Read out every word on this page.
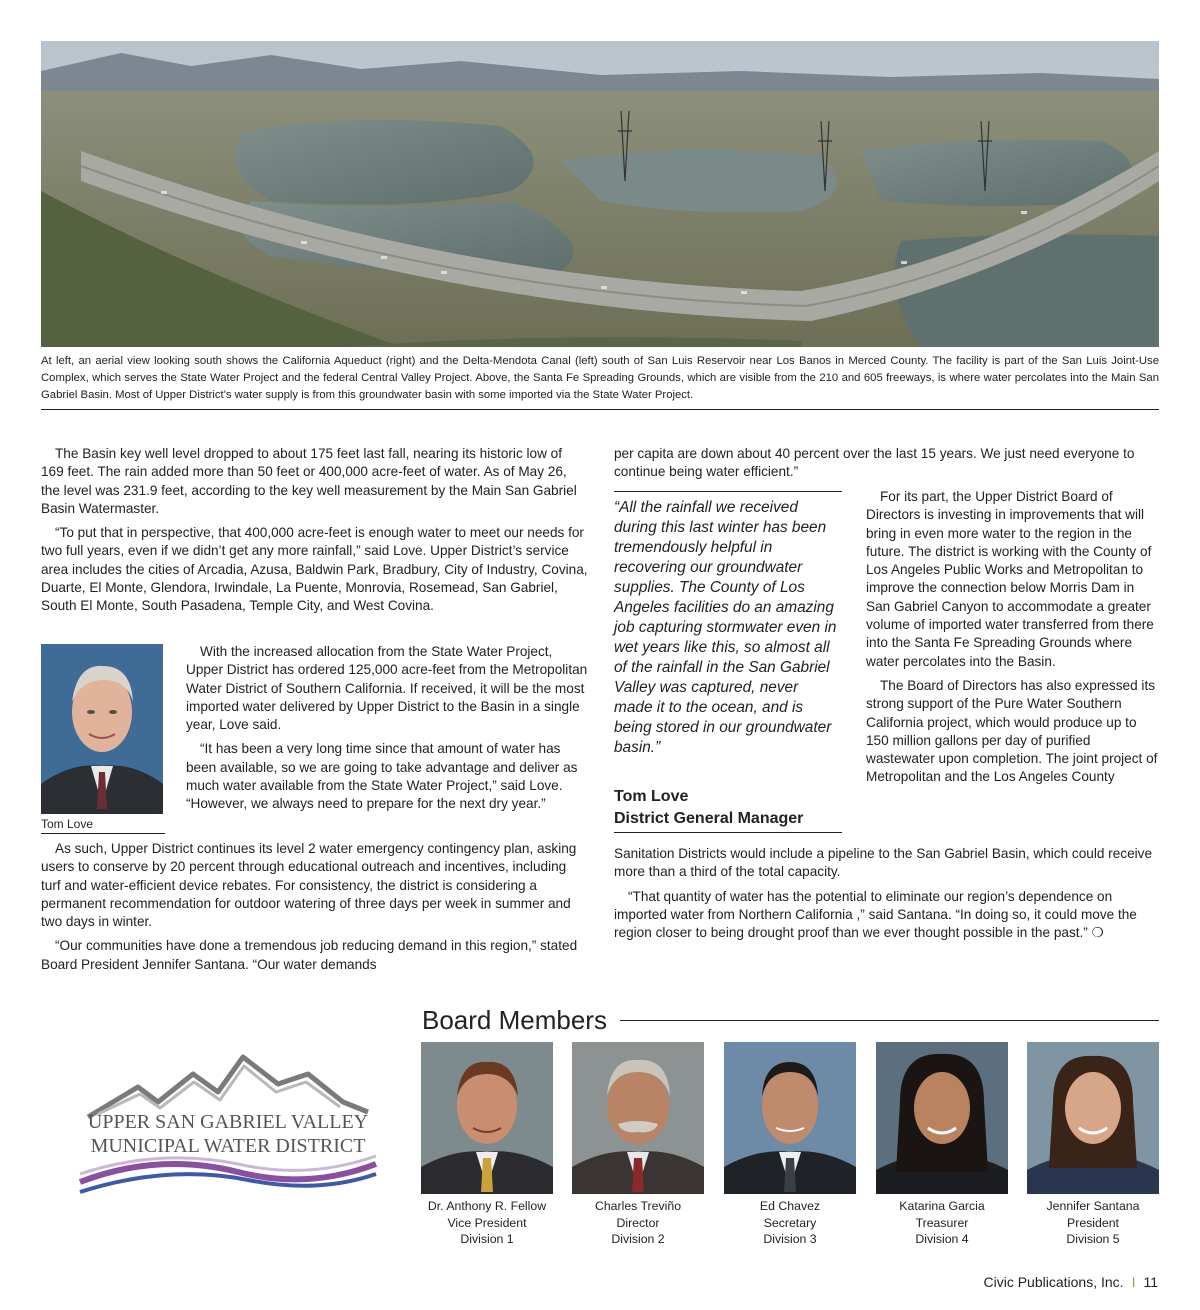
At left, an aerial view looking south shows the California Aqueduct (right) and the Delta-Mendota Canal (left) south of San Luis Reservoir near Los Banos in Merced County. The facility is part of the San Luis Joint-Use Complex, which serves the State Water Project and the federal Central Valley Project. Above, the Santa Fe Spreading Grounds, which are visible from the 210 and 605 freeways, is where water percolates into the Main San Gabriel Basin. Most of Upper District's water supply is from this groundwater basin with some imported via the State Water Project.

The Basin key well level dropped to about 175 feet last fall, nearing its historic low of 169 feet. The rain added more than 50 feet or 400,000 acre-feet of water. As of May 26, the level was 231.9 feet, according to the key well measurement by the Main San Gabriel Basin Watermaster.

“To put that in perspective, that 400,000 acre-feet is enough water to meet our needs for two full years, even if we didn’t get any more rainfall,” said Love. Upper District’s service area includes the cities of Arcadia, Azusa, Baldwin Park, Bradbury, City of Industry, Covina, Duarte, El Monte, Glendora, Irwindale, La Puente, Monrovia, Rosemead, San Gabriel, South El Monte, South Pasadena, Temple City, and West Covina.

Tom Love

With the increased allocation from the State Water Project, Upper District has ordered 125,000 acre-feet from the Metropolitan Water District of Southern California. If received, it will be the most imported water delivered by Upper District to the Basin in a single year, Love said.

“It has been a very long time since that amount of water has been available, so we are going to take advantage and deliver as much water available from the State Water Project,” said Love. “However, we always need to prepare for the next dry year.”

As such, Upper District continues its level 2 water emergency contingency plan, asking users to conserve by 20 percent through educational outreach and incentives, including turf and water-efficient device rebates. For consistency, the district is considering a permanent recommendation for outdoor watering of three days per week in summer and two days in winter.

“Our communities have done a tremendous job reducing demand in this region,” stated Board President Jennifer Santana. “Our water demands

per capita are down about 40 percent over the last 15 years. We just need everyone to continue being water efficient.”

“All the rainfall we received during this last winter has been tremendously helpful in recovering our groundwater supplies. The County of Los Angeles facilities do an amazing job capturing stormwater even in wet years like this, so almost all of the rainfall in the San Gabriel Valley was captured, never made it to the ocean, and is being stored in our groundwater basin.”
Tom Love
District General Manager

For its part, the Upper District Board of Directors is investing in improvements that will bring in even more water to the region in the future. The district is working with the County of Los Angeles Public Works and Metropolitan to improve the connection below Morris Dam in San Gabriel Canyon to accommodate a greater volume of imported water transferred from there into the Santa Fe Spreading Grounds where water percolates into the Basin.

The Board of Directors has also expressed its strong support of the Pure Water Southern California project, which would produce up to 150 million gallons per day of purified wastewater upon completion. The joint project of Metropolitan and the Los Angeles County

Sanitation Districts would include a pipeline to the San Gabriel Basin, which could receive more than a third of the total capacity.

“That quantity of water has the potential to eliminate our region’s dependence on imported water from Northern California ,” said Santana. “In doing so, it could move the region closer to being drought proof than we ever thought possible in the past.” ❍

UPPER SAN GABRIEL VALLEY
MUNICIPAL WATER DISTRICT
Board Members
Dr. Anthony R. Fellow
Vice President
Division 1
Charles Treviño
Director
Division 2
Ed Chavez
Secretary
Division 3
Katarina Garcia
Treasurer
Division 4
Jennifer Santana
President
Division 5
Civic Publications, Inc. I 11
